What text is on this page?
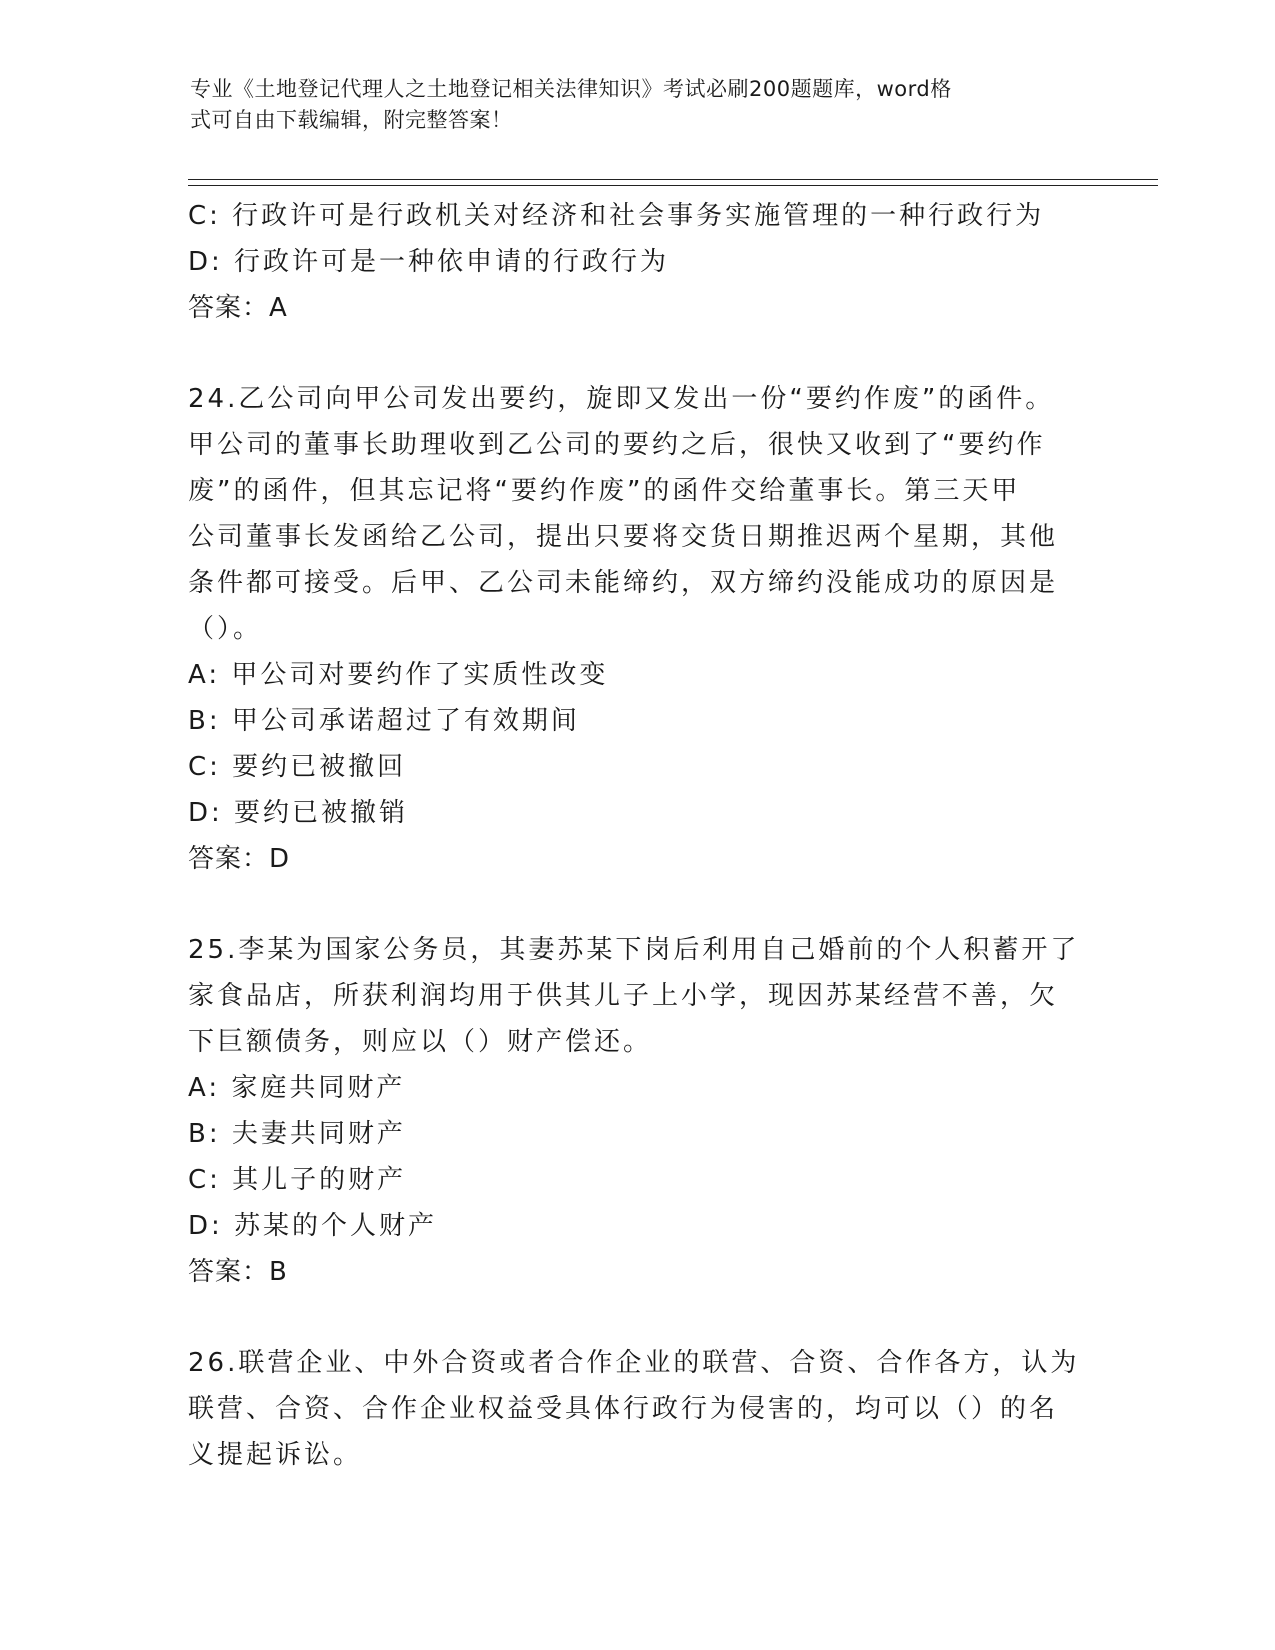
专业《土地登记代理人之土地登记相关法律知识》考试必刷200题题库，word格
式可自由下载编辑，附完整答案！

C: 行政许可是行政机关对经济和社会事务实施管理的一种行政行为

D: 行政许可是一种依申请的行政行为

答案：A

24.乙公司向甲公司发出要约，旋即又发出一份“要约作废”的函件。

甲公司的董事长助理收到乙公司的要约之后，很快又收到了“要约作

废”的函件，但其忘记将“要约作废”的函件交给董事长。第三天甲

公司董事长发函给乙公司，提出只要将交货日期推迟两个星期，其他

条件都可接受。后甲、乙公司未能缔约，双方缔约没能成功的原因是

（）。

A: 甲公司对要约作了实质性改变

B: 甲公司承诺超过了有效期间

C: 要约已被撤回

D: 要约已被撤销

答案：D

25.李某为国家公务员，其妻苏某下岗后利用自己婚前的个人积蓄开了

家食品店，所获利润均用于供其儿子上小学，现因苏某经营不善，欠

下巨额债务，则应以（）财产偿还。

A: 家庭共同财产

B: 夫妻共同财产

C: 其儿子的财产

D: 苏某的个人财产

答案：B

26.联营企业、中外合资或者合作企业的联营、合资、合作各方，认为

联营、合资、合作企业权益受具体行政行为侵害的，均可以（）的名

义提起诉讼。
